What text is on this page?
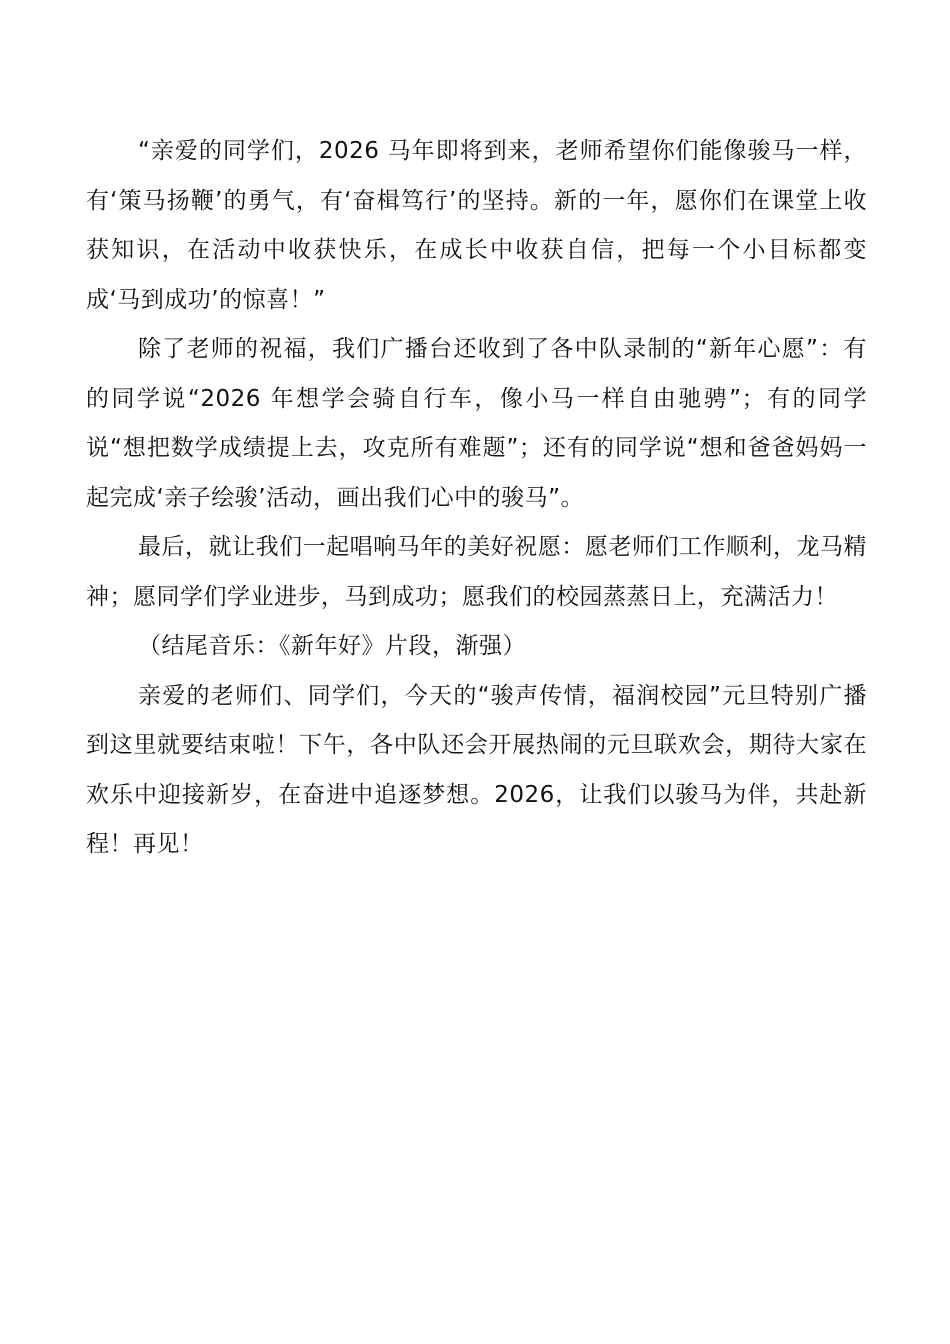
“亲爱的同学们，2026 马年即将到来，老师希望你们能像骏马一样，有‘策马扬鞭’的勇气，有‘奋楫笃行’的坚持。新的一年，愿你们在课堂上收获知识，在活动中收获快乐，在成长中收获自信，把每一个小目标都变成‘马到成功’的惊喜！”

除了老师的祝福，我们广播台还收到了各中队录制的“新年心愿”：有的同学说“2026 年想学会骑自行车，像小马一样自由驰骋”；有的同学说“想把数学成绩提上去，攻克所有难题”；还有的同学说“想和爸爸妈妈一起完成‘亲子绘骏’活动，画出我们心中的骏马”。

最后，就让我们一起唱响马年的美好祝愿：愿老师们工作顺利，龙马精神；愿同学们学业进步，马到成功；愿我们的校园蒸蒸日上，充满活力！

（结尾音乐：《新年好》片段，渐强）

亲爱的老师们、同学们，今天的“骏声传情，福润校园”元旦特别广播到这里就要结束啦！下午，各中队还会开展热闹的元旦联欢会，期待大家在欢乐中迎接新岁，在奋进中追逐梦想。2026，让我们以骏马为伴，共赴新程！再见！
